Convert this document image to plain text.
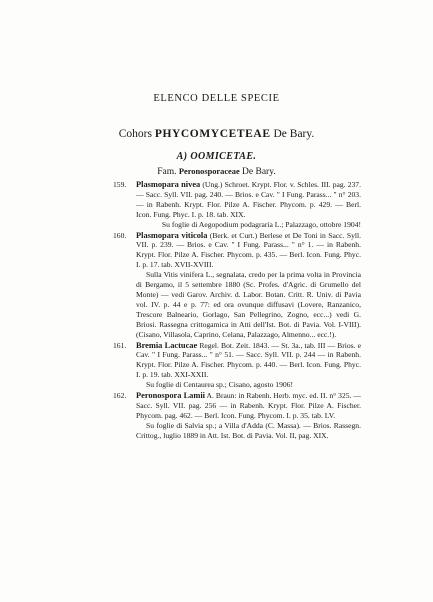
ELENCO DELLE SPECIE
Cohors PHYCOMYCETEAE De Bary.
A) OOMICETAE.
Fam. Peronosporaceae De Bary.
159. Plasmopara nivea (Ung.) Schroet. Krypt. Flor. v. Schles. III. pag. 237. — Sacc. Syll. VII. pag. 240. — Brios. e Cav. " I Fung. Parass... " n° 203. — in Rabenh. Krypt. Flor. Pilze A. Fischer. Phycom. p. 429. — Berl. Icon. Fung. Phyc. I. p. 18. tab. XIX.
Su foglie di Aegopodium podagraria L.; Palazzago, ottobre 1904!
160. Plasmopara viticola (Berk. et Curt.) Berlese et De Toni in Sacc. Syll. VII. p. 239. — Brios. e Cav. " I Fung. Parass... " n° 1. — in Rabenh. Krypt. Flor. Pilze A. Fischer. Phycom. p. 435. — Berl. Icon. Fung. Phyc. I. p. 17. tab. XVII-XVIII.
Sulla Vitis vinifera L., segnalata, credo per la prima volta in Provincia di Bergamo, il 5 settembre 1880 (Sc. Profes. d'Agric. di Grumello del Monte) — vedi Garov. Archiv. d. Labor. Botan. Critt. R. Univ. di Pavia vol. IV. p. 44 e p. 77: ed ora ovunque diffusavi (Lovere, Ranzanico, Trescore Balneario, Gorlago, San Pellegrino, Zogno, ecc...) vedi G. Briosi. Rassegna crittogamica in Atti dell'Ist. Bot. di Pavia. Vol. I-VIII). (Cisano, Villasola, Caprino, Celana, Palazzago, Almenno... ecc.!).
161. Bremia Lactucae Regel. Bot. Zeit. 1843. — St. 3a., tab. III — Brios. e Cav. " I Fung. Parass... " n° 51. — Sacc. Syll. VII. p. 244 — in Rabenh. Krypt. Flor. Pilze A. Fischer. Phycom. p. 440. — Berl. Icon. Fung. Phyc. I. p. 19. tab. XXI-XXII.
Su foglie di Centaurea sp.; Cisano, agosto 1906!
162. Peronospora Lamii A. Braun: in Rabenh. Herb. myc. ed. II. n° 325. — Sacc. Syll. VII. pag. 256 — in Rabenh. Krypt. Flor. Pilze A. Fischer. Phycom. pag. 462. — Berl. Icon. Fung. Phycom. I. p. 35. tab. LV.
Su foglie di Salvia sp.; a Villa d'Adda (C. Massa). — Brios. Rassegn. Crittog., luglio 1889 in Att. Ist. Bot. di Pavia. Vol. II, pag. XIX.
